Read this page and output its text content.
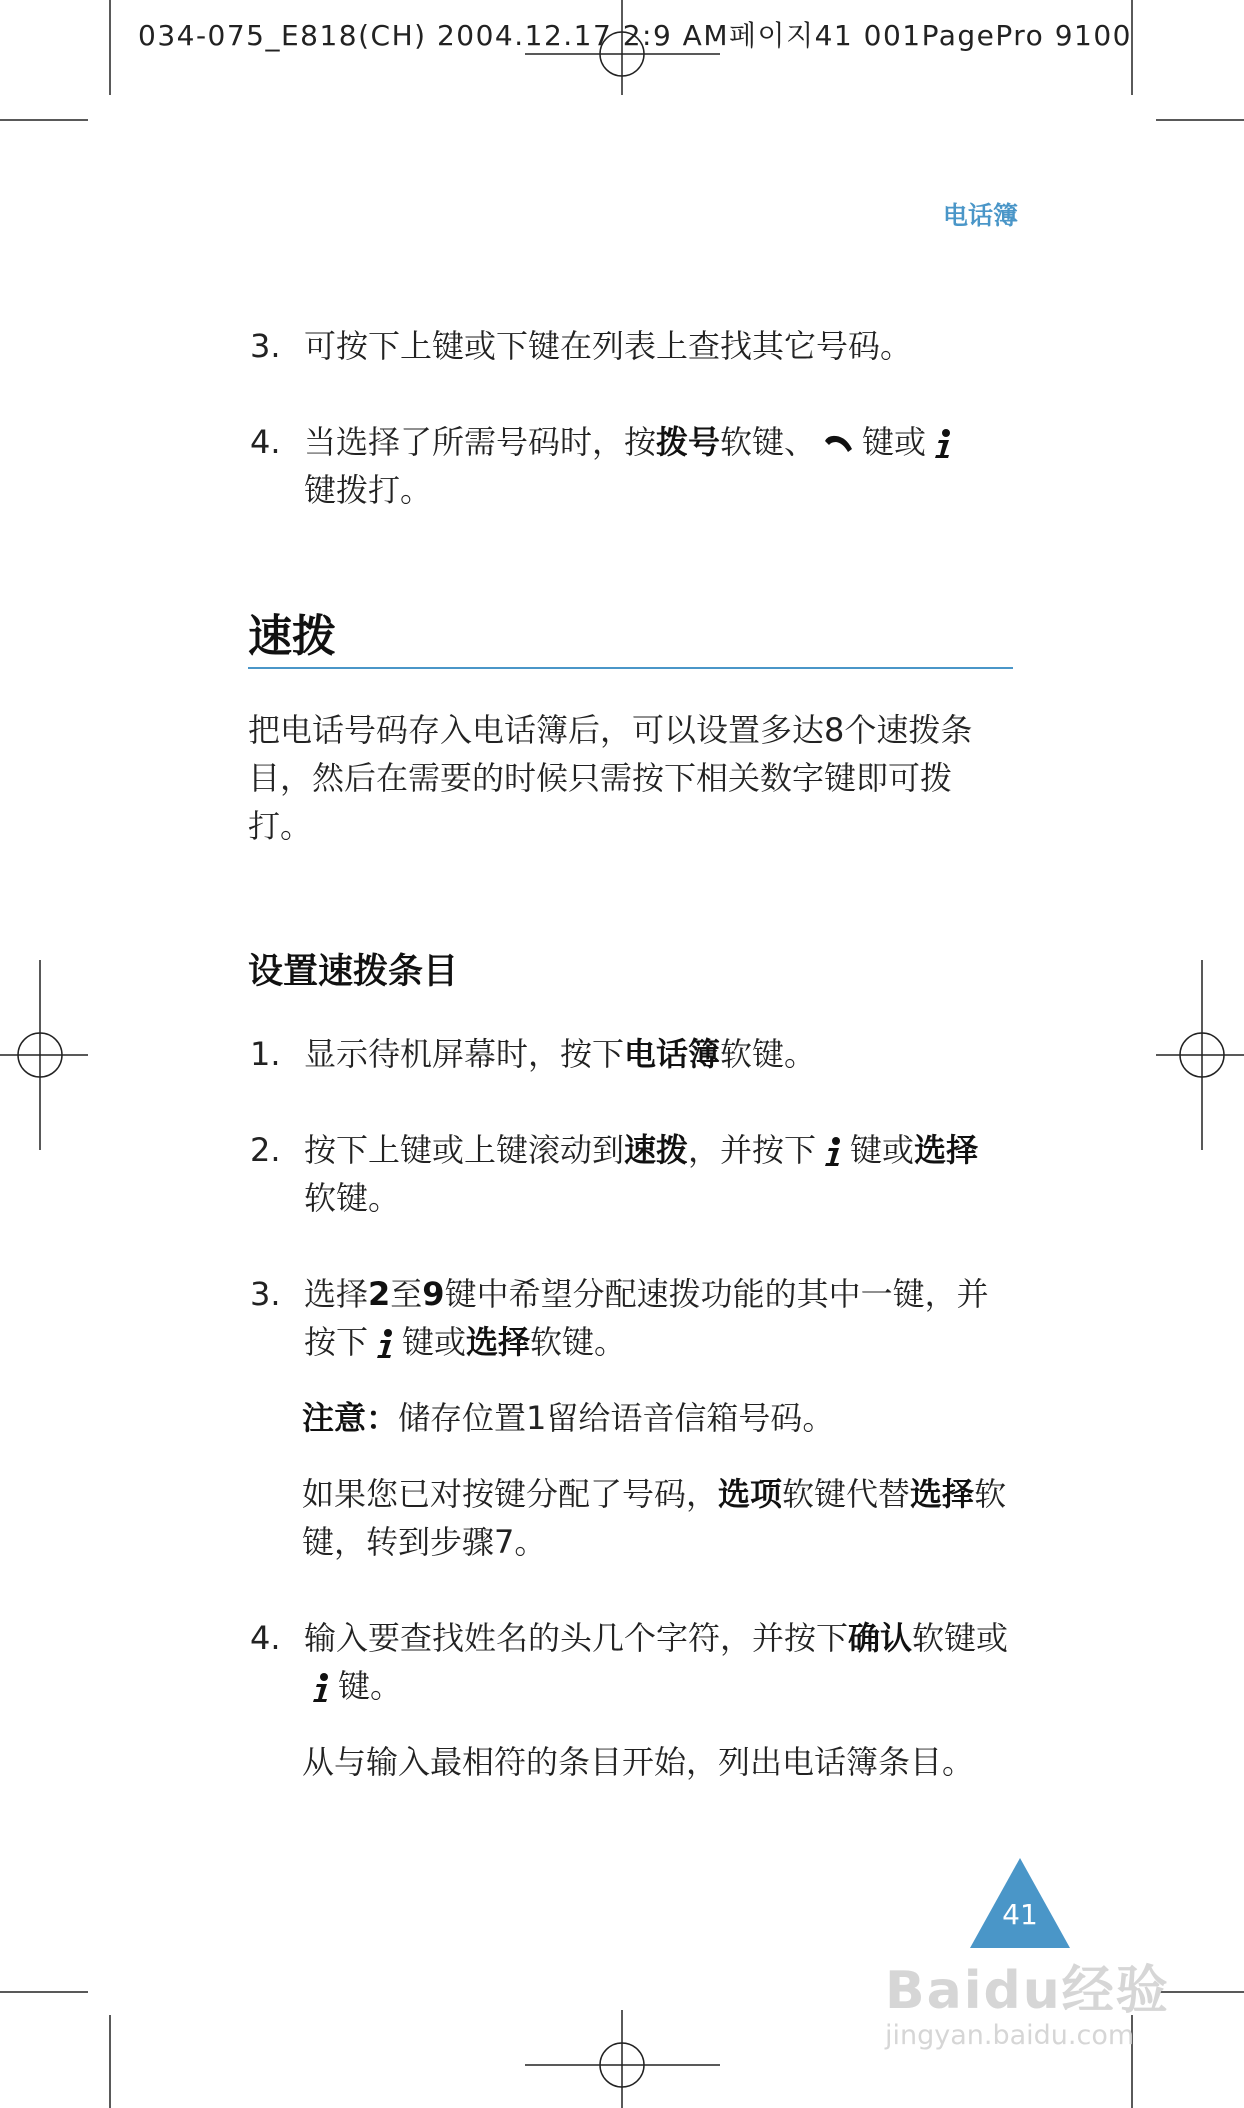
034-075_E818(CH) 2004.12.17 2:9 AM페이지41 001PagePro 9100
电话簿
3. 可按下上键或下键在列表上查找其它号码。
4. 当选择了所需号码时，按拨号软键、 键或
键拨打。
速拨
把电话号码存入电话簿后，可以设置多达8个速拨条目，然后在需要的时候只需按下相关数字键即可拨打。
设置速拨条目
1. 显示待机屏幕时，按下电话簿软键。
2. 按下上键或上键滚动到速拨，并按下 键或选择
软键。
3. 选择2至9键中希望分配速拨功能的其中一键，并按下 键或选择软键。
注意：储存位置1留给语音信箱号码。
如果您已对按键分配了号码，选项软键代替选择软键，转到步骤7。
4. 输入要查找姓名的头几个字符，并按下确认软键或键。
从与输入最相符的条目开始，列出电话簿条目。
41
Baidu经验
jingyan.baidu.com
